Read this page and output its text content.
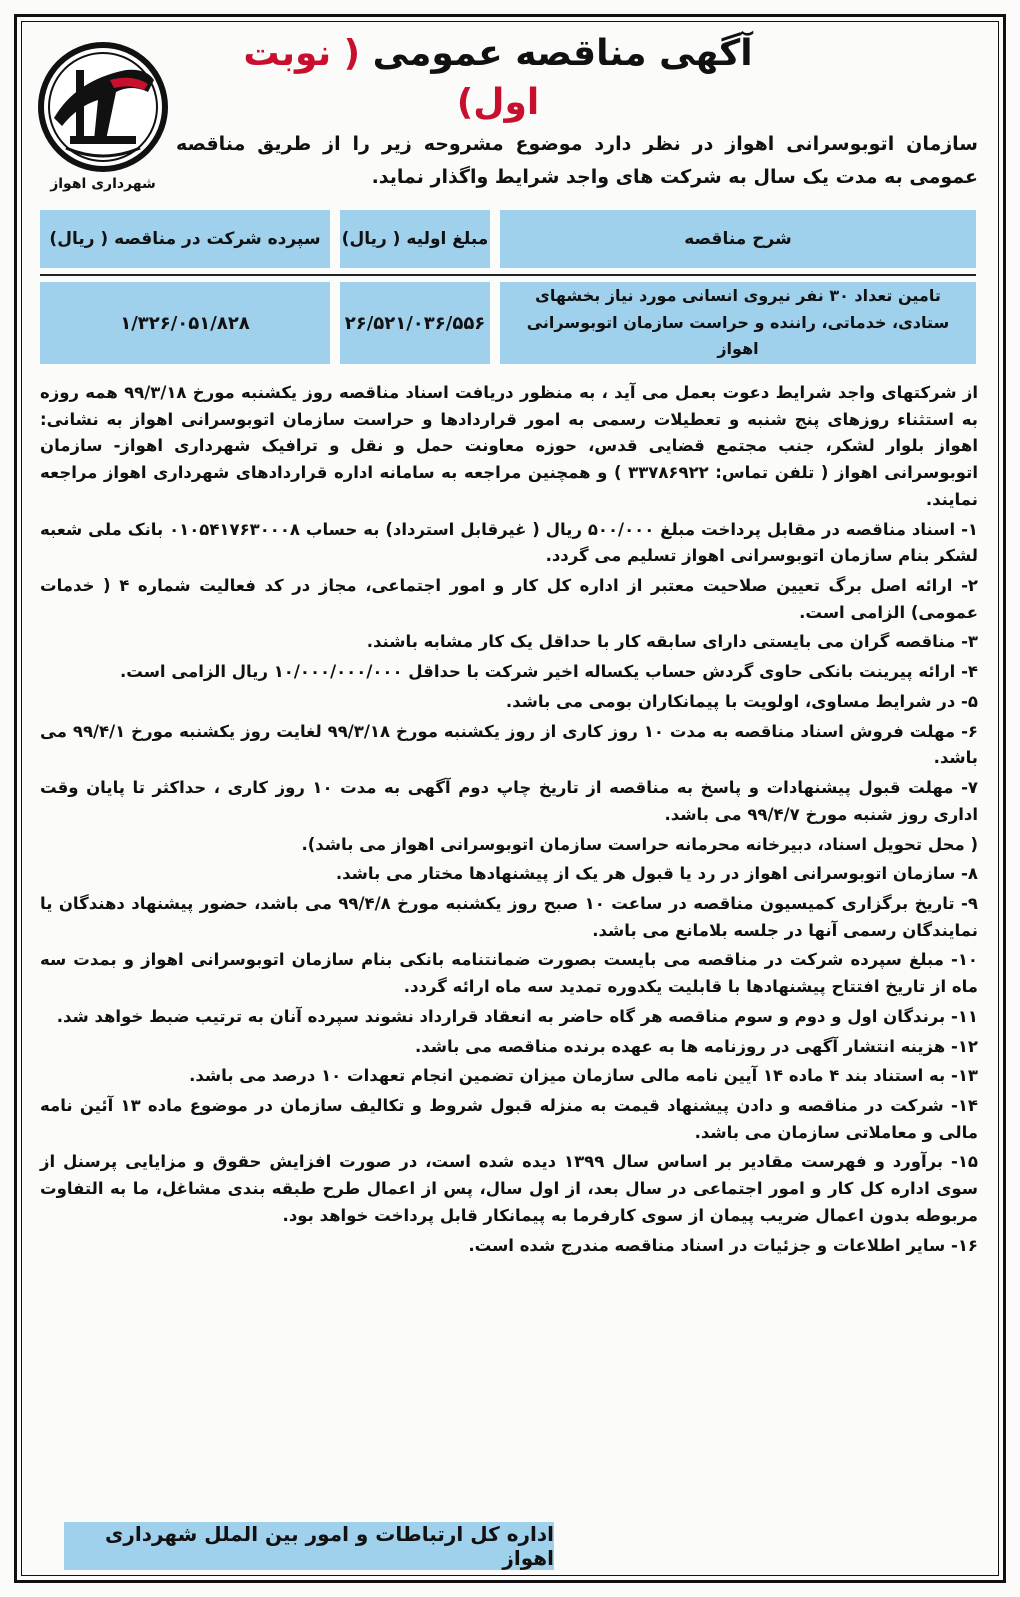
شهرداری اهواز
آگهی مناقصه عمومی ( نوبت اول)
سازمان اتوبوسرانی اهواز در نظر دارد موضوع مشروحه زیر را از طریق مناقصه عمومی به مدت یک سال به شرکت های واجد شرایط واگذار نماید.
شرح مناقصه
مبلغ اولیه ( ریال)
سپرده شرکت در مناقصه ( ریال)
تامین تعداد ۳۰ نفر نیروی انسانی مورد نیاز بخشهای ستادی، خدماتی، راننده و حراست سازمان اتوبوسرانی اهواز
۲۶/۵۲۱/۰۳۶/۵۵۶
۱/۳۲۶/۰۵۱/۸۲۸

از شرکتهای واجد شرایط دعوت بعمل می آید ، به منظور دریافت اسناد مناقصه روز یکشنبه مورخ ۹۹/۳/۱۸ همه روزه به استثناء روزهای پنج شنبه و تعطیلات رسمی به امور قراردادها و حراست سازمان اتوبوسرانی اهواز به نشانی: اهواز بلوار لشکر، جنب مجتمع قضایی قدس، حوزه معاونت حمل و نقل و ترافیک شهرداری اهواز- سازمان اتوبوسرانی اهواز ( تلفن تماس: ۳۳۷۸۶۹۲۲ ) و همچنین مراجعه به سامانه اداره قراردادهای شهرداری اهواز مراجعه نمایند.

۱- اسناد مناقصه در مقابل پرداخت مبلغ ۵۰۰/۰۰۰ ریال ( غیرقابل استرداد) به حساب ۰۱۰۵۴۱۷۶۳۰۰۰۸ بانک ملی شعبه لشکر بنام سازمان اتوبوسرانی اهواز تسلیم می گردد.

۲- ارائه اصل برگ تعیین صلاحیت معتبر از اداره کل کار و امور اجتماعی، مجاز در کد فعالیت شماره ۴ ( خدمات عمومی) الزامی است.

۳- مناقصه گران می بایستی دارای سابقه کار با حداقل یک کار مشابه باشند.

۴- ارائه پیرینت بانکی حاوی گردش حساب یکساله اخیر شرکت با حداقل ۱۰/۰۰۰/۰۰۰/۰۰۰ ریال الزامی است.

۵- در شرایط مساوی، اولویت با پیمانکاران بومی می باشد.

۶- مهلت فروش اسناد مناقصه به مدت ۱۰ روز کاری از روز یکشنبه مورخ ۹۹/۳/۱۸ لغایت روز یکشنبه مورخ ۹۹/۴/۱ می باشد.

۷- مهلت قبول پیشنهادات و پاسخ به مناقصه از تاریخ چاپ دوم آگهی به مدت ۱۰ روز کاری ، حداکثر تا پایان وقت اداری روز شنبه مورخ ۹۹/۴/۷ می باشد.

( محل تحویل اسناد، دبیرخانه محرمانه حراست سازمان اتوبوسرانی اهواز می باشد).

۸- سازمان اتوبوسرانی اهواز در رد یا قبول هر یک از پیشنهادها مختار می باشد.

۹- تاریخ برگزاری کمیسیون مناقصه در ساعت ۱۰ صبح روز یکشنبه مورخ ۹۹/۴/۸ می باشد، حضور پیشنهاد دهندگان یا نمایندگان رسمی آنها در جلسه بلامانع می باشد.

۱۰- مبلغ سپرده شرکت در مناقصه می بایست بصورت ضمانتنامه بانکی بنام سازمان اتوبوسرانی اهواز و بمدت سه ماه از تاریخ افتتاح پیشنهادها با قابلیت یکدوره تمدید سه ماه ارائه گردد.

۱۱- برندگان اول و دوم و سوم مناقصه هر گاه حاضر به انعقاد قرارداد نشوند سپرده آنان به ترتیب ضبط خواهد شد.

۱۲- هزینه انتشار آگهی در روزنامه ها به عهده برنده مناقصه می باشد.

۱۳- به استناد بند ۴ ماده ۱۴ آیین نامه مالی سازمان میزان تضمین انجام تعهدات ۱۰ درصد می باشد.

۱۴- شرکت در مناقصه و دادن پیشنهاد قیمت به منزله قبول شروط و تکالیف سازمان در موضوع ماده ۱۳ آئین نامه مالی و معاملاتی سازمان می باشد.

۱۵- برآورد و فهرست مقادیر بر اساس سال ۱۳۹۹ دیده شده است، در صورت افزایش حقوق و مزایایی پرسنل از سوی اداره کل کار و امور اجتماعی در سال بعد، از اول سال، پس از اعمال طرح طبقه بندی مشاغل، ما به التفاوت مربوطه بدون اعمال ضریب پیمان از سوی کارفرما به پیمانکار قابل پرداخت خواهد بود.

۱۶- سایر اطلاعات و جزئیات در اسناد مناقصه مندرج شده است.

اداره کل ارتباطات و امور بین الملل شهرداری اهواز
